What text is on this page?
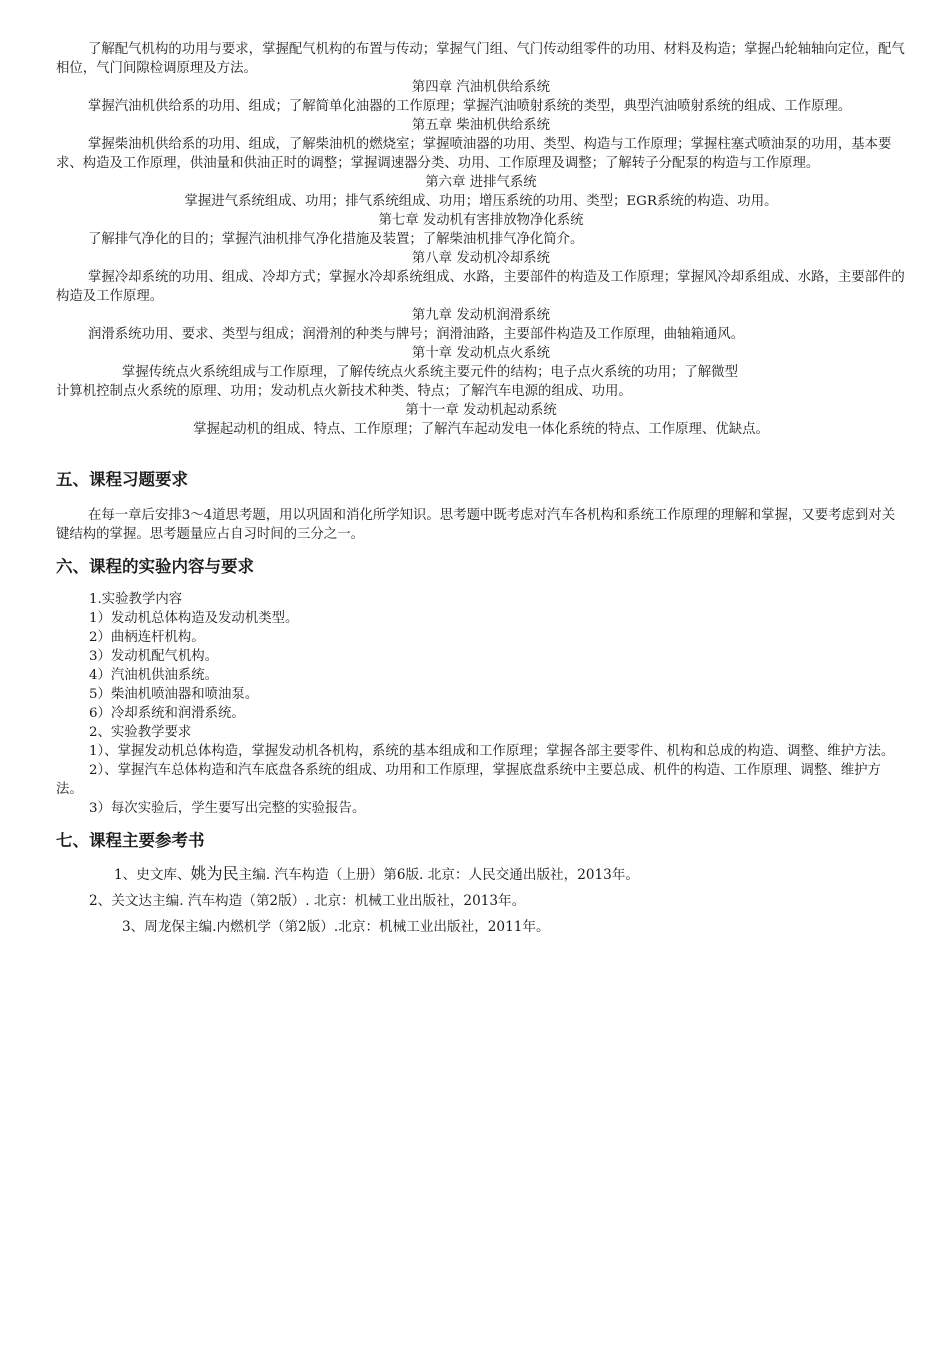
了解配气机构的功用与要求，掌握配气机构的布置与传动；掌握气门组、气门传动组零件的功用、材料及构造；掌握凸轮轴轴向定位，配气相位，气门间隙检调原理及方法。

第四章 汽油机供给系统

掌握汽油机供给系的功用、组成；了解简单化油器的工作原理；掌握汽油喷射系统的类型，典型汽油喷射系统的组成、工作原理。

第五章 柴油机供给系统

掌握柴油机供给系的功用、组成，了解柴油机的燃烧室；掌握喷油器的功用、类型、构造与工作原理；掌握柱塞式喷油泵的功用，基本要求、构造及工作原理，供油量和供油正时的调整；掌握调速器分类、功用、工作原理及调整；了解转子分配泵的构造与工作原理。

第六章 进排气系统

掌握进气系统组成、功用；排气系统组成、功用；增压系统的功用、类型；EGR系统的构造、功用。

第七章 发动机有害排放物净化系统

了解排气净化的目的；掌握汽油机排气净化措施及装置；了解柴油机排气净化简介。

第八章 发动机冷却系统

掌握冷却系统的功用、组成、冷却方式；掌握水冷却系统组成、水路，主要部件的构造及工作原理；掌握风冷却系组成、水路，主要部件的构造及工作原理。

第九章 发动机润滑系统

润滑系统功用、要求、类型与组成；润滑剂的种类与牌号；润滑油路，主要部件构造及工作原理，曲轴箱通风。

第十章 发动机点火系统

掌握传统点火系统组成与工作原理，了解传统点火系统主要元件的结构；电子点火系统的功用；了解微型

计算机控制点火系统的原理、功用；发动机点火新技术种类、特点；了解汽车电源的组成、功用。

第十一章 发动机起动系统

掌握起动机的组成、特点、工作原理；了解汽车起动发电一体化系统的特点、工作原理、优缺点。

五、课程习题要求

在每一章后安排3～4道思考题，用以巩固和消化所学知识。思考题中既考虑对汽车各机构和系统工作原理的理解和掌握，又要考虑到对关键结构的掌握。思考题量应占自习时间的三分之一。

六、课程的实验内容与要求

1.实验教学内容

1）发动机总体构造及发动机类型。

2）曲柄连杆机构。

3）发动机配气机构。

4）汽油机供油系统。

5）柴油机喷油器和喷油泵。

6）冷却系统和润滑系统。

2、实验教学要求

1）、掌握发动机总体构造，掌握发动机各机构，系统的基本组成和工作原理；掌握各部主要零件、机构和总成的构造、调整、维护方法。

2）、掌握汽车总体构造和汽车底盘各系统的组成、功用和工作原理，掌握底盘系统中主要总成、机件的构造、工作原理、调整、维护方法。

3）每次实验后，学生要写出完整的实验报告。

七、课程主要参考书

1、史文库、姚为民主编. 汽车构造（上册）第6版. 北京：人民交通出版社，2013年。

2、关文达主编. 汽车构造（第2版）. 北京：机械工业出版社，2013年。

3、周龙保主编.内燃机学（第2版）.北京：机械工业出版社，2011年。
